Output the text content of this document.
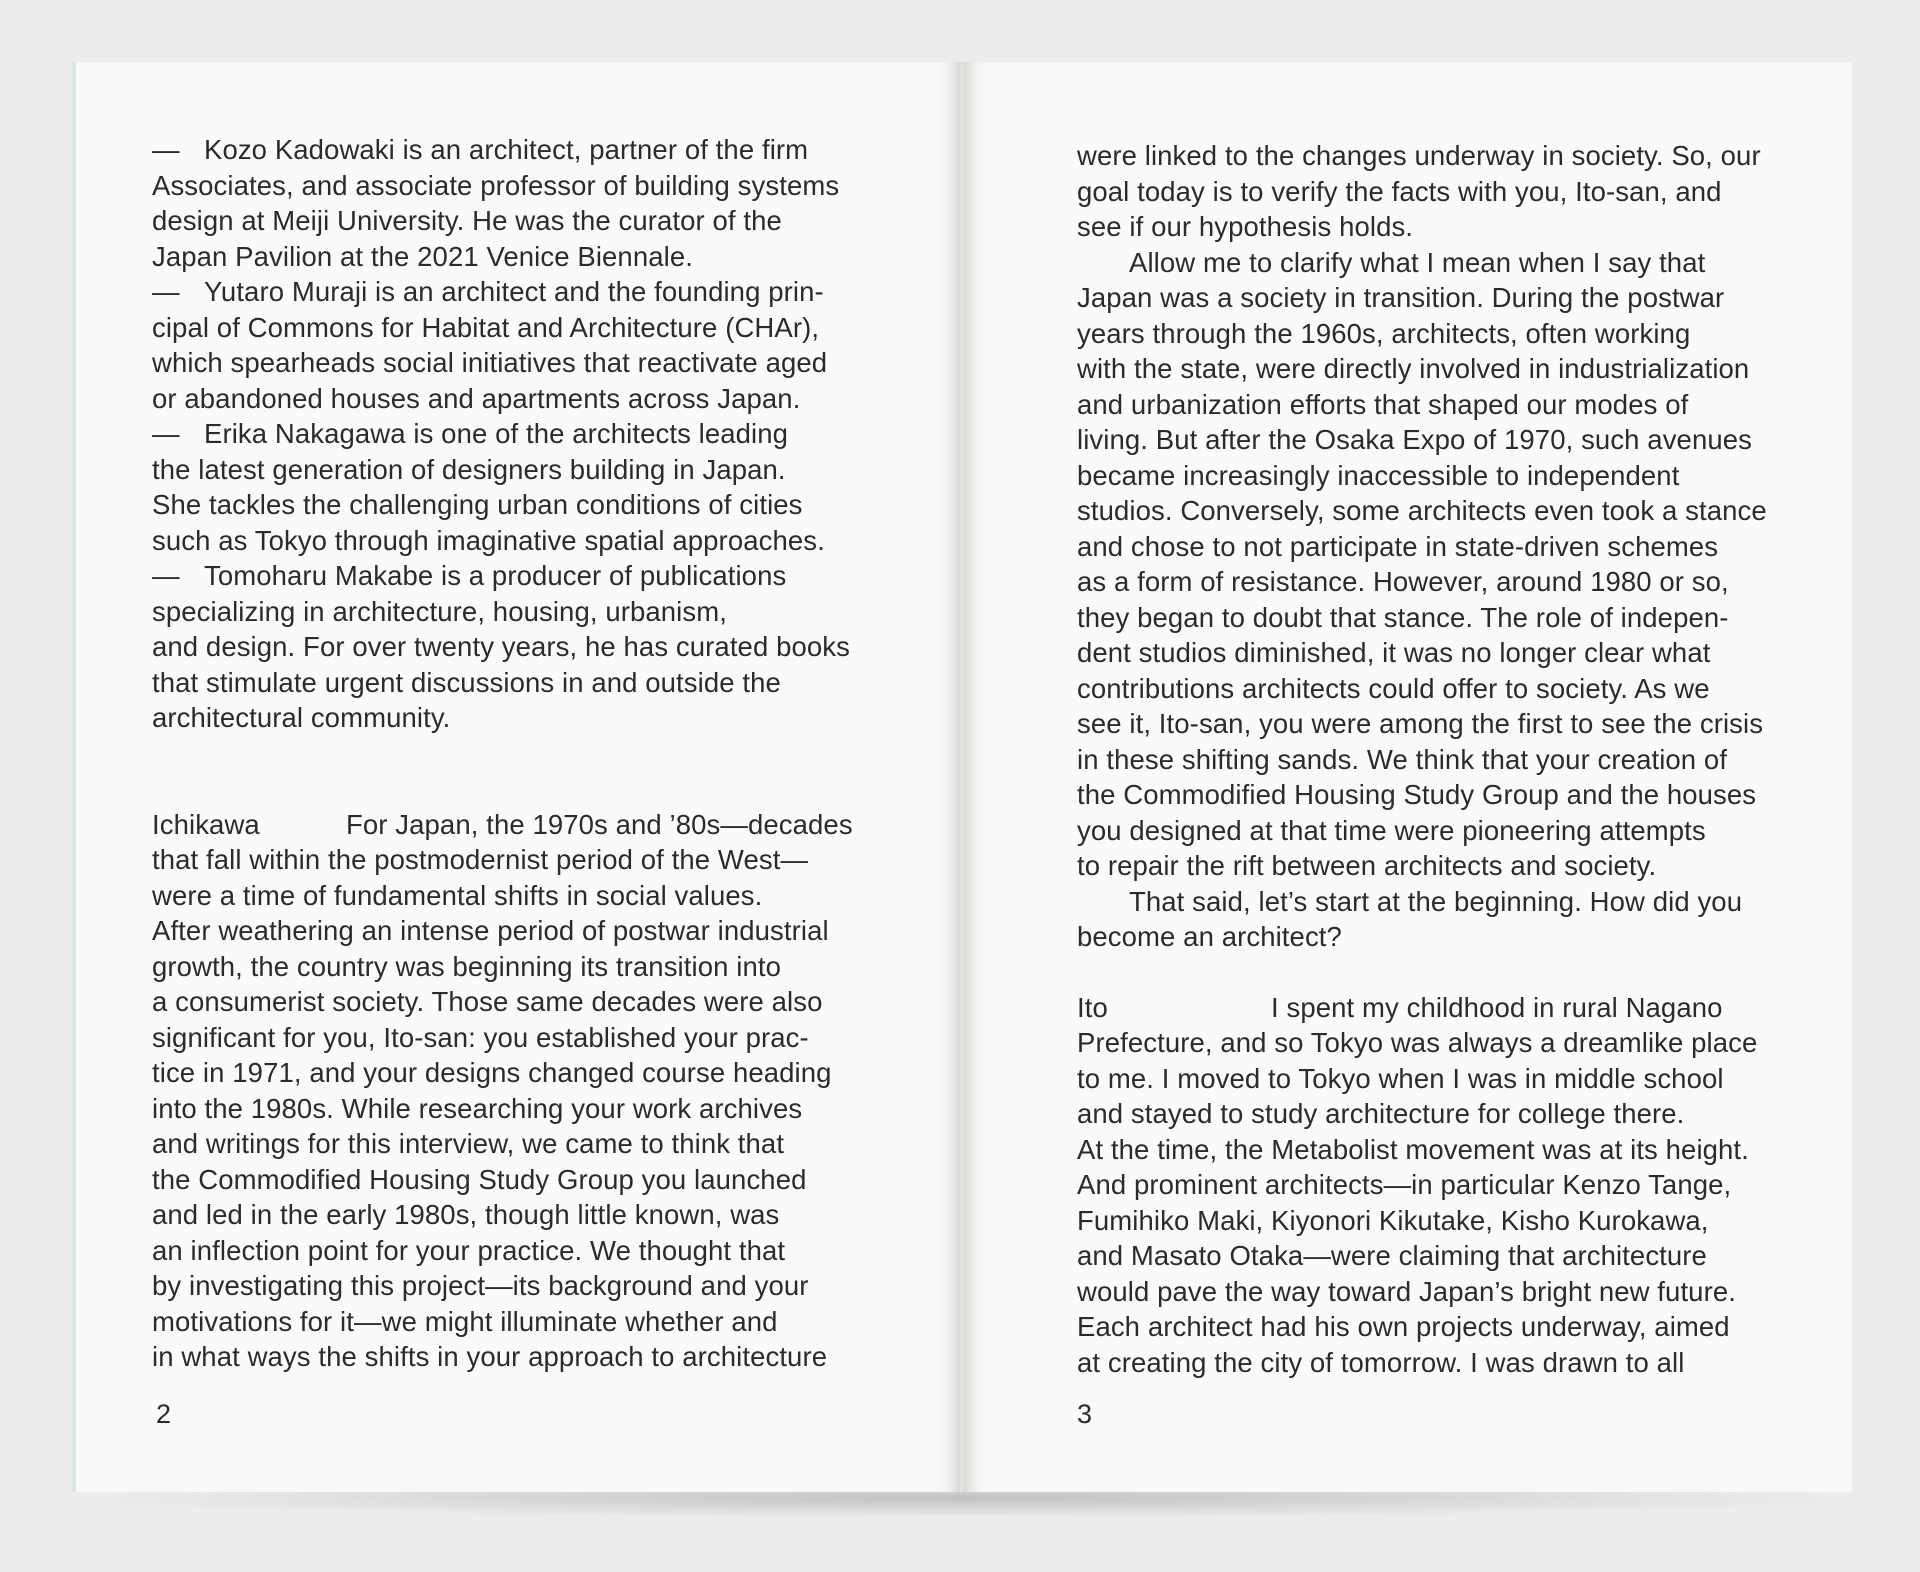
— Kozo Kadowaki is an architect, partner of the firm
Associates, and associate professor of building systems
design at Meiji University. He was the curator of the
Japan Pavilion at the 2021 Venice Biennale.
— Yutaro Muraji is an architect and the founding prin-
cipal of Commons for Habitat and Architecture (CHAr),
which spearheads social initiatives that reactivate aged
or abandoned houses and apartments across Japan.
— Erika Nakagawa is one of the architects leading
the latest generation of designers building in Japan.
She tackles the challenging urban conditions of cities
such as Tokyo through imaginative spatial approaches.
— Tomoharu Makabe is a producer of publications
specializing in architecture, housing, urbanism,
and design. For over twenty years, he has curated books
that stimulate urgent discussions in and outside the
architectural community.
Ichikawa	For Japan, the 1970s and ’80s—decades
that fall within the postmodernist period of the West—
were a time of fundamental shifts in social values.
After weathering an intense period of postwar industrial
growth, the country was beginning its transition into
a consumerist society. Those same decades were also
significant for you, Ito-san: you established your prac-
tice in 1971, and your designs changed course heading
into the 1980s. While researching your work archives
and writings for this interview, we came to think that
the Commodified Housing Study Group you launched
and led in the early 1980s, though little known, was
an inflection point for your practice. We thought that
by investigating this project—its background and your
motivations for it—we might illuminate whether and
in what ways the shifts in your approach to architecture
2

were linked to the changes underway in society. So, our
goal today is to verify the facts with you, Ito-san, and
see if our hypothesis holds.

Allow me to clarify what I mean when I say that
Japan was a society in transition. During the postwar
years through the 1960s, architects, often working
with the state, were directly involved in industrialization
and urbanization efforts that shaped our modes of
living. But after the Osaka Expo of 1970, such avenues
became increasingly inaccessible to independent
studios. Conversely, some architects even took a stance
and chose to not participate in state-driven schemes
as a form of resistance. However, around 1980 or so,
they began to doubt that stance. The role of indepen-
dent studios diminished, it was no longer clear what
contributions architects could offer to society. As we
see it, Ito-san, you were among the first to see the crisis
in these shifting sands. We think that your creation of
the Commodified Housing Study Group and the houses
you designed at that time were pioneering attempts
to repair the rift between architects and society.

That said, let’s start at the beginning. How did you
become an architect?

Ito	I spent my childhood in rural Nagano
Prefecture, and so Tokyo was always a dreamlike place
to me. I moved to Tokyo when I was in middle school
and stayed to study architecture for college there.
At the time, the Metabolist movement was at its height.
And prominent architects—in particular Kenzo Tange,
Fumihiko Maki, Kiyonori Kikutake, Kisho Kurokawa,
and Masato Otaka—were claiming that architecture
would pave the way toward Japan’s bright new future.
Each architect had his own projects underway, aimed
at creating the city of tomorrow. I was drawn to all
3
